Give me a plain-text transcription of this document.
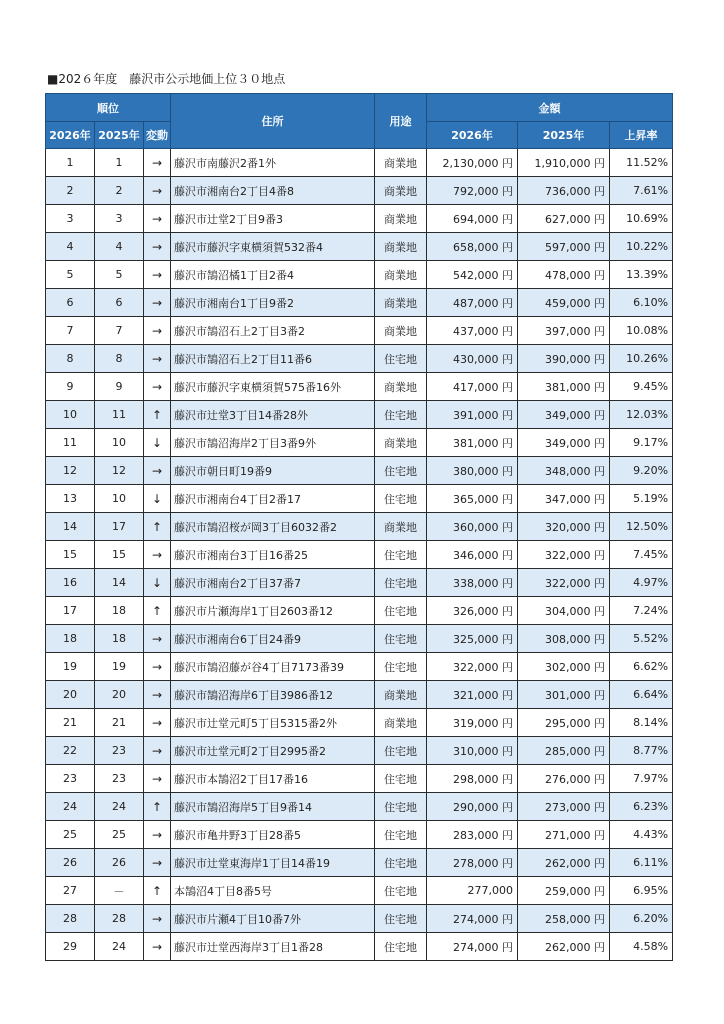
■202６年度　藤沢市公示地価上位３０地点
順位			住所	用途	金額		
2026年	2025年	変動			2026年	2025年	上昇率
1	1	→	藤沢市南藤沢2番1外	商業地	2,130,000 円	1,910,000 円	11.52%
2	2	→	藤沢市湘南台2丁目4番8	商業地	792,000 円	736,000 円	7.61%
3	3	→	藤沢市辻堂2丁目9番3	商業地	694,000 円	627,000 円	10.69%
4	4	→	藤沢市藤沢字東横須賀532番4	商業地	658,000 円	597,000 円	10.22%
5	5	→	藤沢市鵠沼橘1丁目2番4	商業地	542,000 円	478,000 円	13.39%
6	6	→	藤沢市湘南台1丁目9番2	商業地	487,000 円	459,000 円	6.10%
7	7	→	藤沢市鵠沼石上2丁目3番2	商業地	437,000 円	397,000 円	10.08%
8	8	→	藤沢市鵠沼石上2丁目11番6	住宅地	430,000 円	390,000 円	10.26%
9	9	→	藤沢市藤沢字東横須賀575番16外	商業地	417,000 円	381,000 円	9.45%
10	11	↑	藤沢市辻堂3丁目14番28外	住宅地	391,000 円	349,000 円	12.03%
11	10	↓	藤沢市鵠沼海岸2丁目3番9外	商業地	381,000 円	349,000 円	9.17%
12	12	→	藤沢市朝日町19番9	住宅地	380,000 円	348,000 円	9.20%
13	10	↓	藤沢市湘南台4丁目2番17	住宅地	365,000 円	347,000 円	5.19%
14	17	↑	藤沢市鵠沼桜が岡3丁目6032番2	商業地	360,000 円	320,000 円	12.50%
15	15	→	藤沢市湘南台3丁目16番25	住宅地	346,000 円	322,000 円	7.45%
16	14	↓	藤沢市湘南台2丁目37番7	住宅地	338,000 円	322,000 円	4.97%
17	18	↑	藤沢市片瀬海岸1丁目2603番12	住宅地	326,000 円	304,000 円	7.24%
18	18	→	藤沢市湘南台6丁目24番9	住宅地	325,000 円	308,000 円	5.52%
19	19	→	藤沢市鵠沼藤が谷4丁目7173番39	住宅地	322,000 円	302,000 円	6.62%
20	20	→	藤沢市鵠沼海岸6丁目3986番12	商業地	321,000 円	301,000 円	6.64%
21	21	→	藤沢市辻堂元町5丁目5315番2外	商業地	319,000 円	295,000 円	8.14%
22	23	→	藤沢市辻堂元町2丁目2995番2	住宅地	310,000 円	285,000 円	8.77%
23	23	→	藤沢市本鵠沼2丁目17番16	住宅地	298,000 円	276,000 円	7.97%
24	24	↑	藤沢市鵠沼海岸5丁目9番14	住宅地	290,000 円	273,000 円	6.23%
25	25	→	藤沢市亀井野3丁目28番5	住宅地	283,000 円	271,000 円	4.43%
26	26	→	藤沢市辻堂東海岸1丁目14番19	住宅地	278,000 円	262,000 円	6.11%
27	－	↑	本鵠沼4丁目8番5号	住宅地	277,000	259,000 円	6.95%
28	28	→	藤沢市片瀬4丁目10番7外	住宅地	274,000 円	258,000 円	6.20%
29	24	→	藤沢市辻堂西海岸3丁目1番28	住宅地	274,000 円	262,000 円	4.58%
